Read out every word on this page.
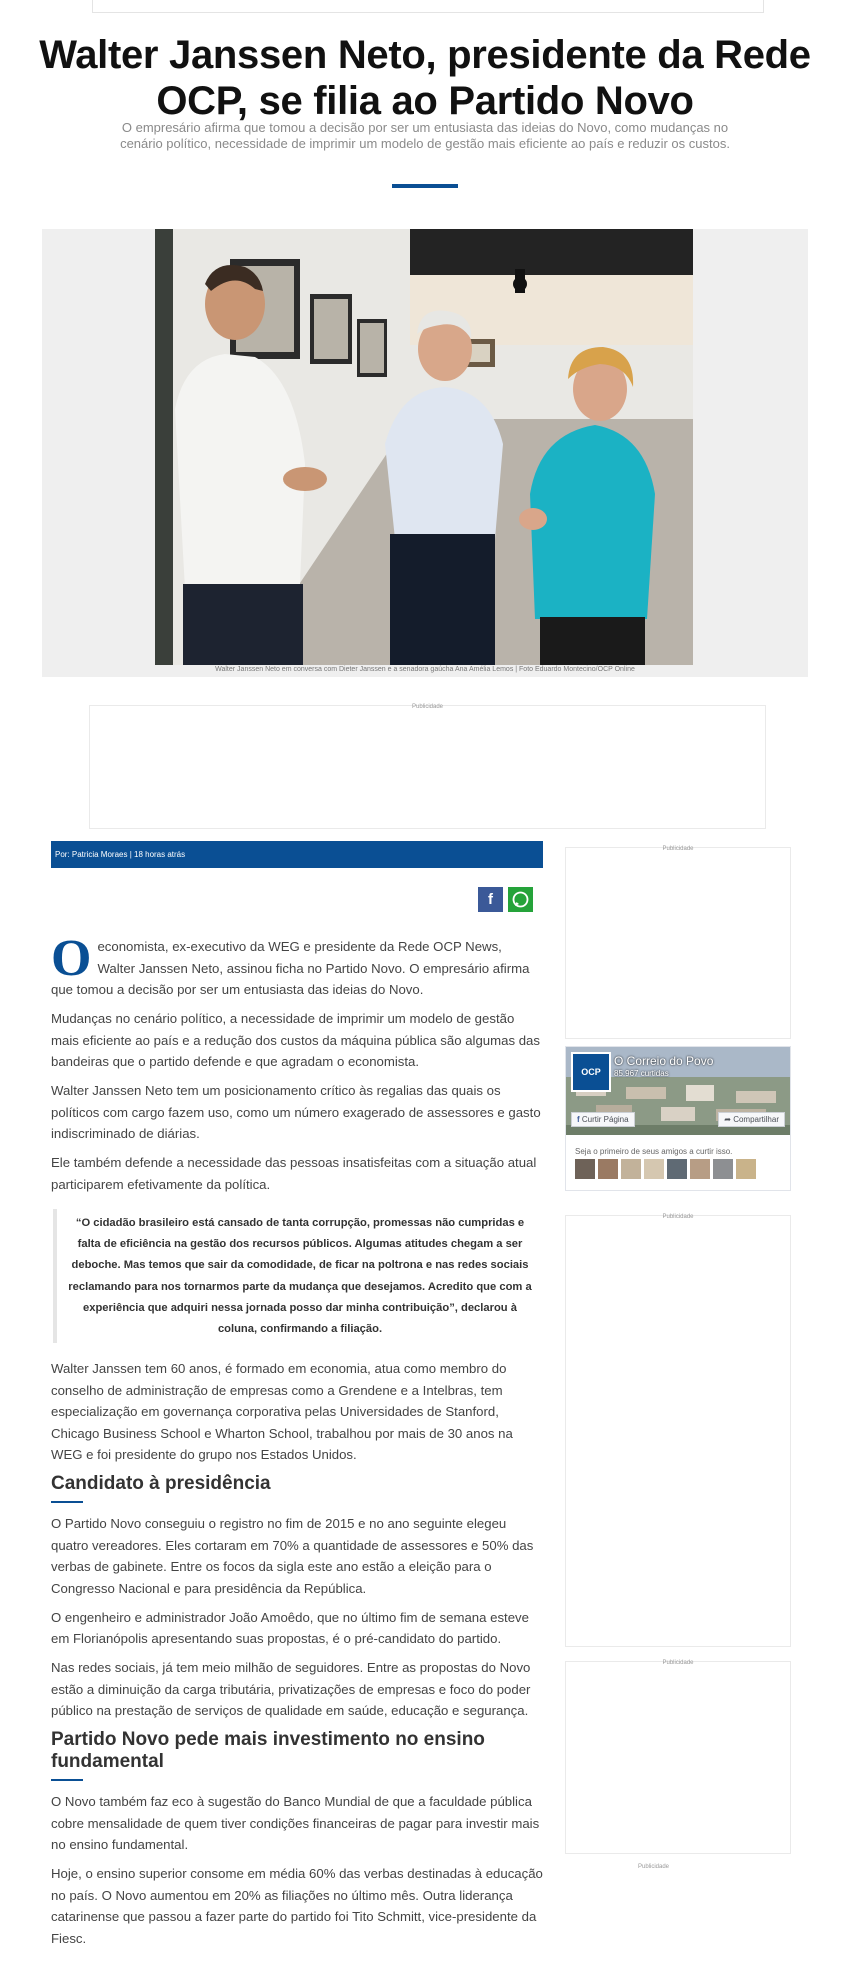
Walter Janssen Neto, presidente da Rede OCP, se filia ao Partido Novo

O empresário afirma que tomou a decisão por ser um entusiasta das ideias do Novo, como mudanças no cenário político, necessidade de imprimir um modelo de gestão mais eficiente ao país e reduzir os custos.

Walter Janssen Neto em conversa com Dieter Janssen e a senadora gaúcha Ana Amélia Lemos | Foto Eduardo Montecino/OCP Online
Publicidade
Por: Patricia Moraes | 18 horas atrás
f

Oeconomista, ex-executivo da WEG e presidente da Rede OCP News, Walter Janssen Neto, assinou ficha no Partido Novo. O empresário afirma que tomou a decisão por ser um entusiasta das ideias do Novo.

Mudanças no cenário político, a necessidade de imprimir um modelo de gestão mais eficiente ao país e a redução dos custos da máquina pública são algumas das bandeiras que o partido defende e que agradam o economista.

Walter Janssen Neto tem um posicionamento crítico às regalias das quais os políticos com cargo fazem uso, como um número exagerado de assessores e gasto indiscriminado de diárias.

Ele também defende a necessidade das pessoas insatisfeitas com a situação atual participarem efetivamente da política.

“O cidadão brasileiro está cansado de tanta corrupção, promessas não cumpridas e falta de eficiência na gestão dos recursos públicos. Algumas atitudes chegam a ser deboche. Mas temos que sair da comodidade, de ficar na poltrona e nas redes sociais reclamando para nos tornarmos parte da mudança que desejamos. Acredito que com a experiência que adquiri nessa jornada posso dar minha contribuição”, declarou à coluna, confirmando a filiação.

Walter Janssen tem 60 anos, é formado em economia, atua como membro do conselho de administração de empresas como a Grendene e a Intelbras, tem especialização em governança corporativa pelas Universidades de Stanford, Chicago Business School e Wharton School, trabalhou por mais de 30 anos na WEG e foi presidente do grupo nos Estados Unidos.

Candidato à presidência

O Partido Novo conseguiu o registro no fim de 2015 e no ano seguinte elegeu quatro vereadores. Eles cortaram em 70% a quantidade de assessores e 50% das verbas de gabinete. Entre os focos da sigla este ano estão a eleição para o Congresso Nacional e para presidência da República.

O engenheiro e administrador João Amoêdo, que no último fim de semana esteve em Florianópolis apresentando suas propostas, é o pré-candidato do partido.

Nas redes sociais, já tem meio milhão de seguidores. Entre as propostas do Novo estão a diminuição da carga tributária, privatizações de empresas e foco do poder público na prestação de serviços de qualidade em saúde, educação e segurança.

Partido Novo pede mais investimento no ensino fundamental

O Novo também faz eco à sugestão do Banco Mundial de que a faculdade pública cobre mensalidade de quem tiver condições financeiras de pagar para investir mais no ensino fundamental.

Hoje, o ensino superior consome em média 60% das verbas destinadas à educação no país. O Novo aumentou em 20% as filiações no último mês. Outra liderança catarinense que passou a fazer parte do partido foi Tito Schmitt, vice-presidente da Fiesc.

Publicidade
OCP
O Correio do Povo
85.967 curtidas
f Curtir Página	➦ Compartilhar
Seja o primeiro de seus amigos a curtir isso.
Publicidade
Publicidade
Publicidade
